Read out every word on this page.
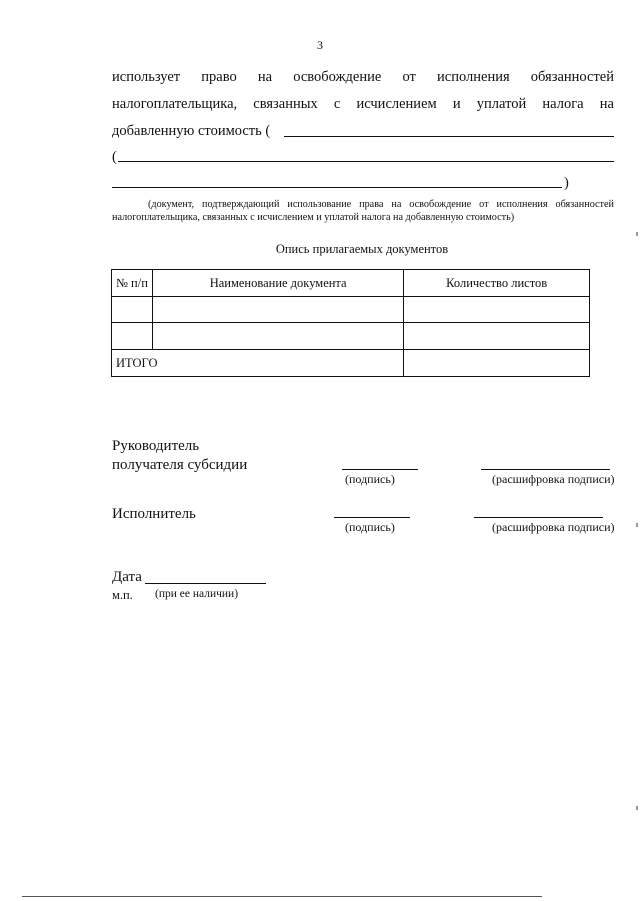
3
использует право на освобождение от исполнения обязанностей
налогоплательщика, связанных с исчислением и уплатой налога на
добавленную стоимость (
(
)
(документ, подтверждающий использование права на освобождение от исполнения обязанностей
налогоплательщика, связанных с исчислением и уплатой налога на добавленную стоимость)
Опись прилагаемых документов
№ п/п	Наименование документа	Количество листов

ИТОГО		
Руководитель
получателя субсидии
(подпись)	(расшифровка подписи)
Исполнитель
(подпись)	(расшифровка подписи)
Дата
м.п. (при ее наличии)
